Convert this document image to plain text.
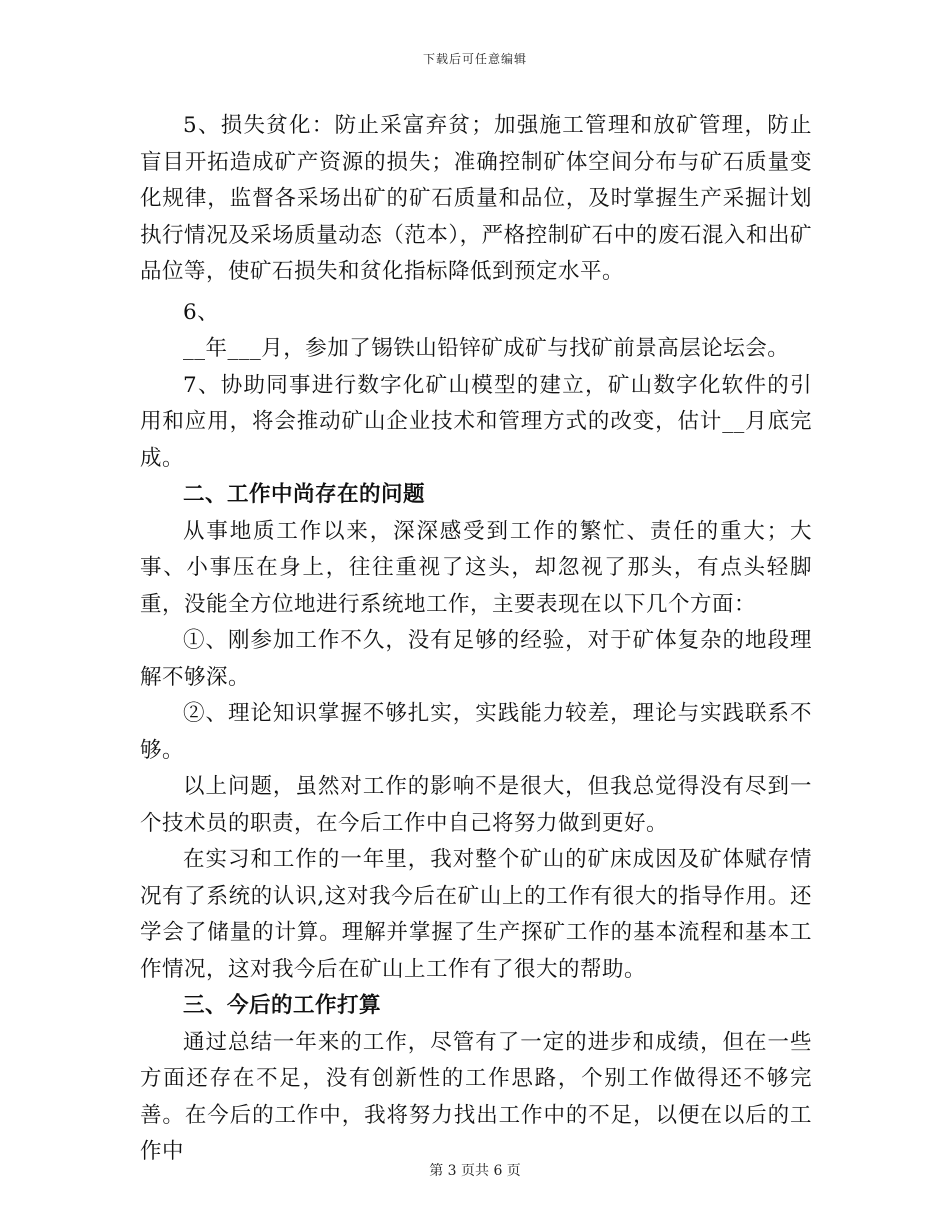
下载后可任意编辑

5、损失贫化：防止采富弃贫；加强施工管理和放矿管理，防止盲目开拓造成矿产资源的损失；准确控制矿体空间分布与矿石质量变化规律，监督各采场出矿的矿石质量和品位，及时掌握生产采掘计划执行情况及采场质量动态（范本），严格控制矿石中的废石混入和出矿品位等，使矿石损失和贫化指标降低到预定水平。

6、

__年___月，参加了锡铁山铅锌矿成矿与找矿前景高层论坛会。

7、协助同事进行数字化矿山模型的建立，矿山数字化软件的引用和应用，将会推动矿山企业技术和管理方式的改变，估计__月底完成。

二、工作中尚存在的问题

从事地质工作以来，深深感受到工作的繁忙、责任的重大；大事、小事压在身上，往往重视了这头，却忽视了那头，有点头轻脚重，没能全方位地进行系统地工作，主要表现在以下几个方面：

①、刚参加工作不久，没有足够的经验，对于矿体复杂的地段理解不够深。

②、理论知识掌握不够扎实，实践能力较差，理论与实践联系不够。

以上问题，虽然对工作的影响不是很大，但我总觉得没有尽到一个技术员的职责，在今后工作中自己将努力做到更好。

在实习和工作的一年里，我对整个矿山的矿床成因及矿体赋存情况有了系统的认识,这对我今后在矿山上的工作有很大的指导作用。还学会了储量的计算。理解并掌握了生产探矿工作的基本流程和基本工作情况，这对我今后在矿山上工作有了很大的帮助。

三、今后的工作打算

通过总结一年来的工作，尽管有了一定的进步和成绩，但在一些方面还存在不足，没有创新性的工作思路，个别工作做得还不够完善。在今后的工作中，我将努力找出工作中的不足，以便在以后的工作中

第 3 页共 6 页
